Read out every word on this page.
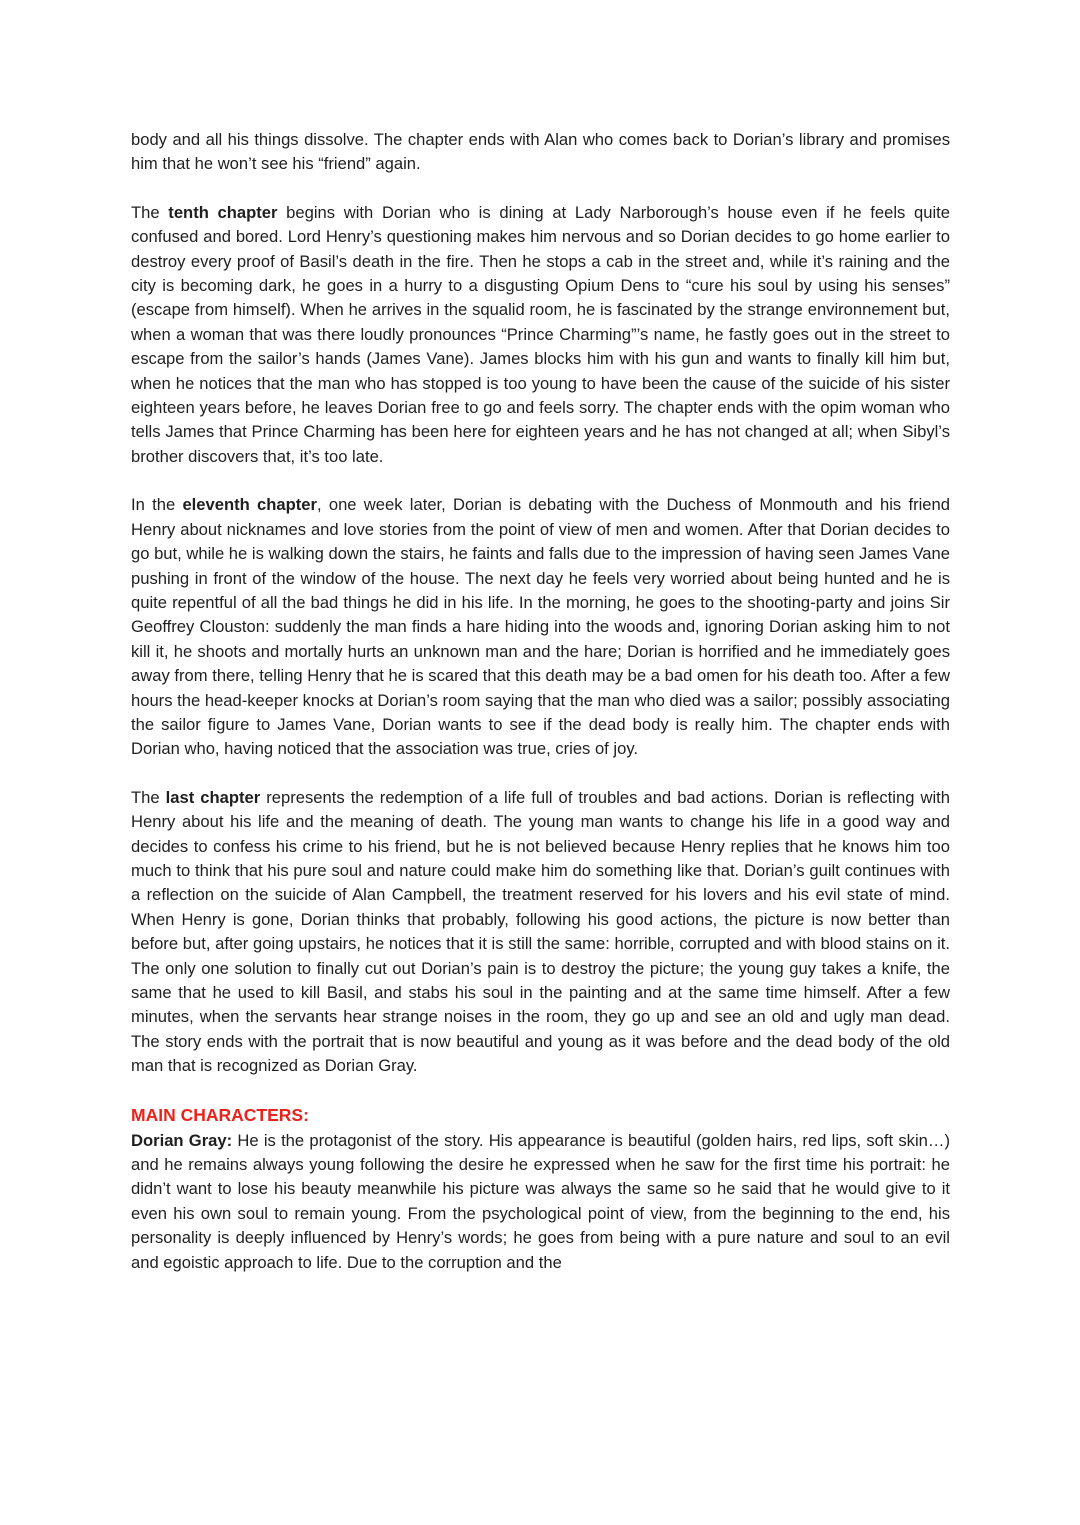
body and all his things dissolve. The chapter ends with Alan who comes back to Dorian’s library and promises him that he won’t see his “friend” again.

The tenth chapter begins with Dorian who is dining at Lady Narborough’s house even if he feels quite confused and bored. Lord Henry’s questioning makes him nervous and so Dorian decides to go home earlier to destroy every proof of Basil’s death in the fire. Then he stops a cab in the street and, while it’s raining and the city is becoming dark, he goes in a hurry to a disgusting Opium Dens to “cure his soul by using his senses” (escape from himself). When he arrives in the squalid room, he is fascinated by the strange environnement but, when a woman that was there loudly pronounces “Prince Charming”’s name, he fastly goes out in the street to escape from the sailor’s hands (James Vane). James blocks him with his gun and wants to finally kill him but, when he notices that the man who has stopped is too young to have been the cause of the suicide of his sister eighteen years before, he leaves Dorian free to go and feels sorry. The chapter ends with the opim woman who tells James that Prince Charming has been here for eighteen years and he has not changed at all; when Sibyl’s brother discovers that, it’s too late.

In the eleventh chapter, one week later, Dorian is debating with the Duchess of Monmouth and his friend Henry about nicknames and love stories from the point of view of men and women. After that Dorian decides to go but, while he is walking down the stairs, he faints and falls due to the impression of having seen James Vane pushing in front of the window of the house. The next day he feels very worried about being hunted and he is quite repentful of all the bad things he did in his life. In the morning, he goes to the shooting-party and joins Sir Geoffrey Clouston: suddenly the man finds a hare hiding into the woods and, ignoring Dorian asking him to not kill it, he shoots and mortally hurts an unknown man and the hare; Dorian is horrified and he immediately goes away from there, telling Henry that he is scared that this death may be a bad omen for his death too. After a few hours the head-keeper knocks at Dorian’s room saying that the man who died was a sailor; possibly associating the sailor figure to James Vane, Dorian wants to see if the dead body is really him. The chapter ends with Dorian who, having noticed that the association was true, cries of joy.

The last chapter represents the redemption of a life full of troubles and bad actions. Dorian is reflecting with Henry about his life and the meaning of death. The young man wants to change his life in a good way and decides to confess his crime to his friend, but he is not believed because Henry replies that he knows him too much to think that his pure soul and nature could make him do something like that. Dorian’s guilt continues with a reflection on the suicide of Alan Campbell, the treatment reserved for his lovers and his evil state of mind. When Henry is gone, Dorian thinks that probably, following his good actions, the picture is now better than before but, after going upstairs, he notices that it is still the same: horrible, corrupted and with blood stains on it. The only one solution to finally cut out Dorian’s pain is to destroy the picture; the young guy takes a knife, the same that he used to kill Basil, and stabs his soul in the painting and at the same time himself. After a few minutes, when the servants hear strange noises in the room, they go up and see an old and ugly man dead. The story ends with the portrait that is now beautiful and young as it was before and the dead body of the old man that is recognized as Dorian Gray.

MAIN CHARACTERS:

Dorian Gray: He is the protagonist of the story. His appearance is beautiful (golden hairs, red lips, soft skin…) and he remains always young following the desire he expressed when he saw for the first time his portrait: he didn’t want to lose his beauty meanwhile his picture was always the same so he said that he would give to it even his own soul to remain young. From the psychological point of view, from the beginning to the end, his personality is deeply influenced by Henry’s words; he goes from being with a pure nature and soul to an evil and egoistic approach to life. Due to the corruption and the
